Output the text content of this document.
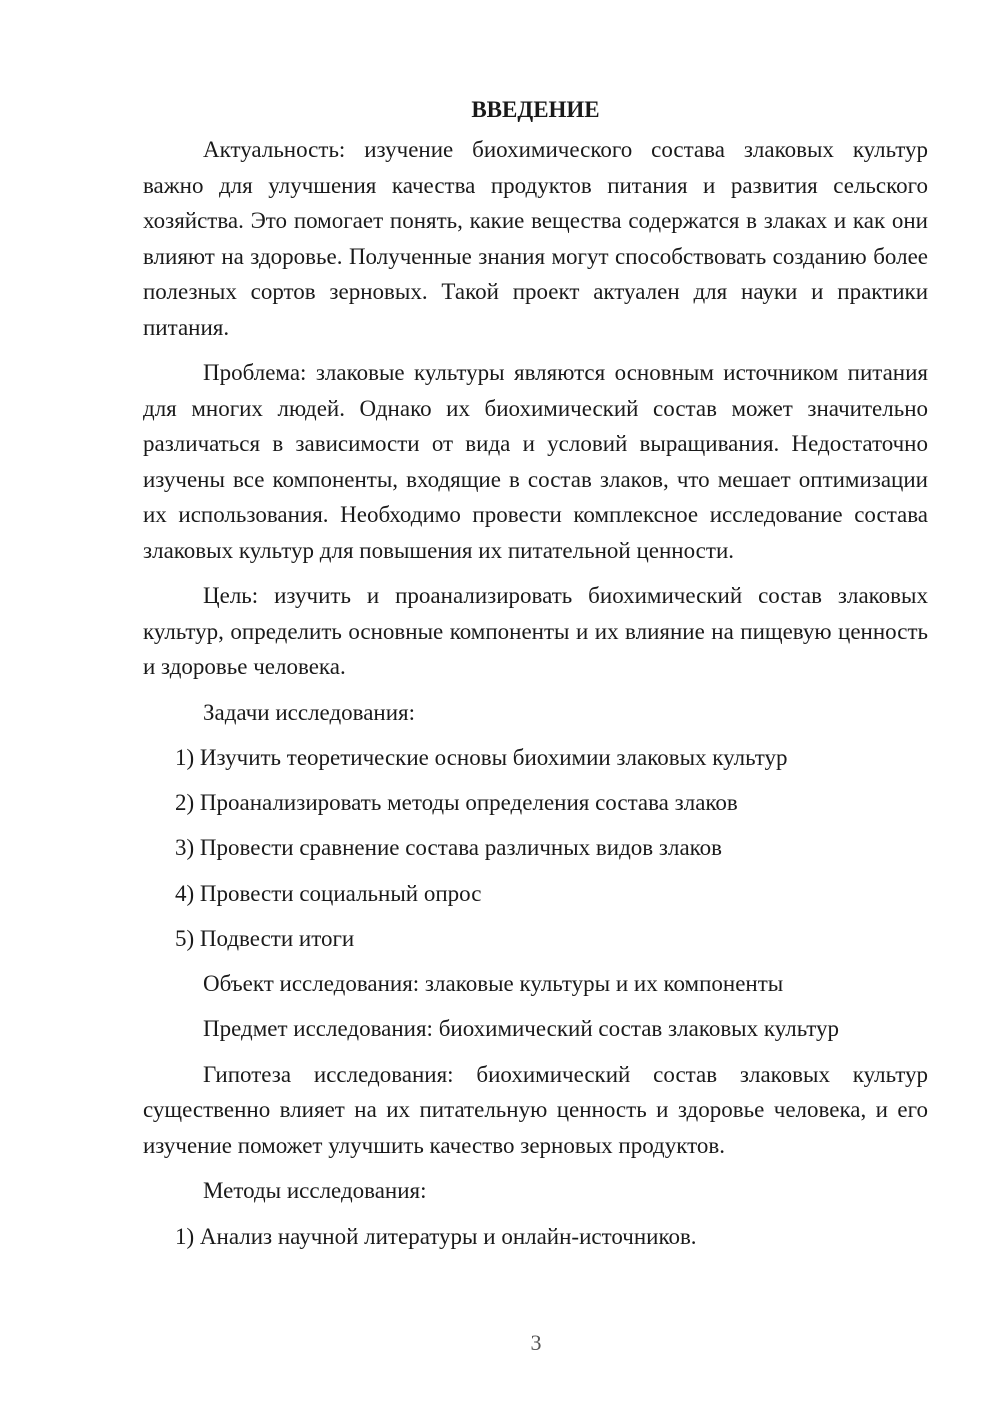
ВВЕДЕНИЕ

Актуальность: изучение биохимического состава злаковых культур важно для улучшения качества продуктов питания и развития сельского хозяйства. Это помогает понять, какие вещества содержатся в злаках и как они влияют на здоровье. Полученные знания могут способствовать созданию более полезных сортов зерновых. Такой проект актуален для науки и практики питания.

Проблема: злаковые культуры являются основным источником питания для многих людей. Однако их биохимический состав может значительно различаться в зависимости от вида и условий выращивания. Недостаточно изучены все компоненты, входящие в состав злаков, что мешает оптимизации их использования. Необходимо провести комплексное исследование состава злаковых культур для повышения их питательной ценности.

Цель: изучить и проанализировать биохимический состав злаковых культур, определить основные компоненты и их влияние на пищевую ценность и здоровье человека.

Задачи исследования:

1) Изучить теоретические основы биохимии злаковых культур
2) Проанализировать методы определения состава злаков
3) Провести сравнение состава различных видов злаков
4) Провести социальный опрос
5) Подвести итоги

Объект исследования: злаковые культуры и их компоненты

Предмет исследования: биохимический состав злаковых культур

Гипотеза исследования: биохимический состав злаковых культур существенно влияет на их питательную ценность и здоровье человека, и его изучение поможет улучшить качество зерновых продуктов.

Методы исследования:

1) Анализ научной литературы и онлайн-источников.
3
